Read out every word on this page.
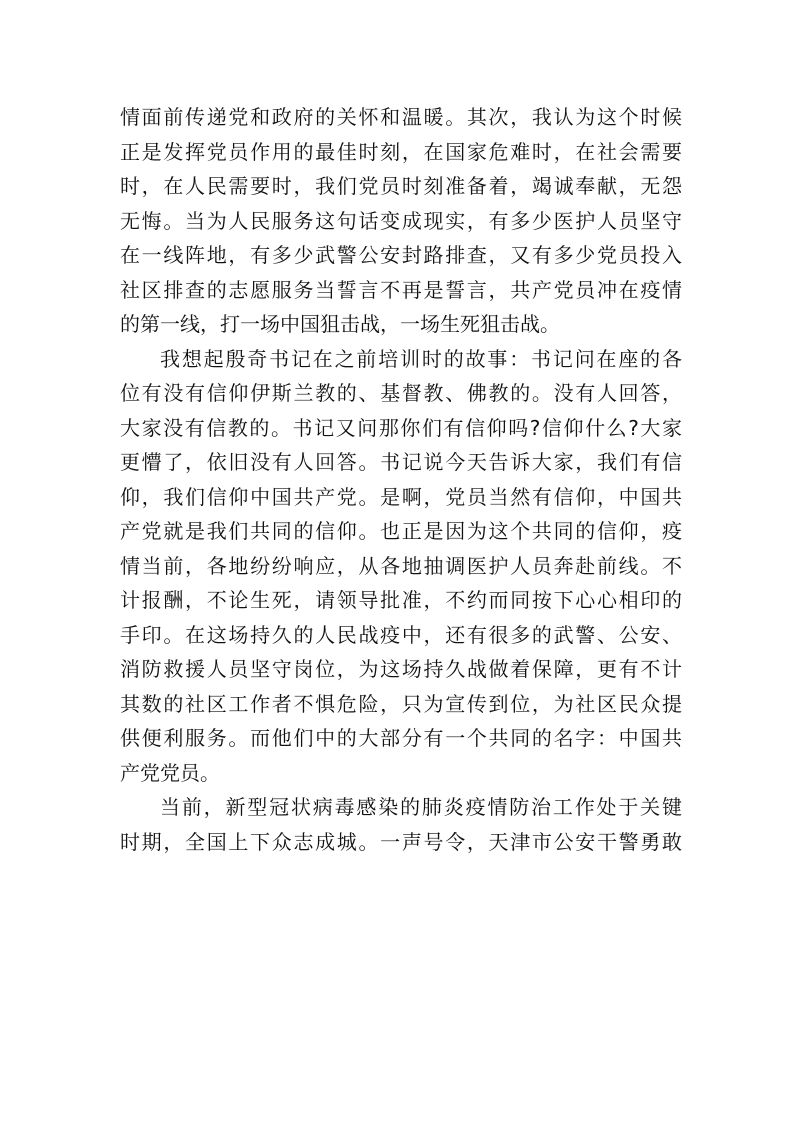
情面前传递党和政府的关怀和温暖。其次，我认为这个时候
正是发挥党员作用的最佳时刻，在国家危难时，在社会需要
时，在人民需要时，我们党员时刻准备着，竭诚奉献，无怨
无悔。当为人民服务这句话变成现实，有多少医护人员坚守
在一线阵地，有多少武警公安封路排查，又有多少党员投入
社区排查的志愿服务当誓言不再是誓言，共产党员冲在疫情
的第一线，打一场中国狙击战，一场生死狙击战。
我想起殷奇书记在之前培训时的故事：书记问在座的各
位有没有信仰伊斯兰教的、基督教、佛教的。没有人回答，
大家没有信教的。书记又问那你们有信仰吗?信仰什么?大家
更懵了，依旧没有人回答。书记说今天告诉大家，我们有信
仰，我们信仰中国共产党。是啊，党员当然有信仰，中国共
产党就是我们共同的信仰。也正是因为这个共同的信仰，疫
情当前，各地纷纷响应，从各地抽调医护人员奔赴前线。不
计报酬，不论生死，请领导批准，不约而同按下心心相印的
手印。在这场持久的人民战疫中，还有很多的武警、公安、
消防救援人员坚守岗位，为这场持久战做着保障，更有不计
其数的社区工作者不惧危险，只为宣传到位，为社区民众提
供便利服务。而他们中的大部分有一个共同的名字：中国共
产党党员。
当前，新型冠状病毒感染的肺炎疫情防治工作处于关键
时期，全国上下众志成城。一声号令，天津市公安干警勇敢
